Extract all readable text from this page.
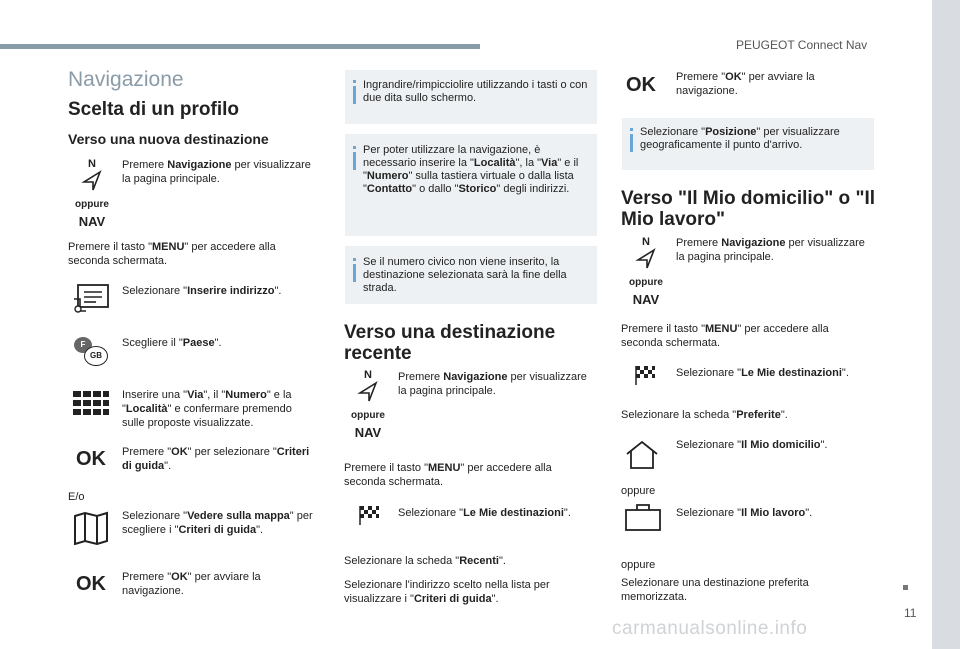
PEUGEOT Connect Nav
11
carmanualsonline.info
Navigazione
Scelta di un profilo
Verso una nuova destinazione
N
oppure
NAV
Premere Navigazione per visualizzare la pagina principale.
Premere il tasto "MENU" per accedere alla seconda schermata.
Selezionare "Inserire indirizzo".
F
GB
Scegliere il "Paese".
Inserire una "Via", il "Numero" e la "Località" e confermare premendo sulle proposte visualizzate.
OK Premere "OK" per selezionare "Criteri di guida".
E/o
Selezionare "Vedere sulla mappa" per scegliere i "Criteri di guida".
OK Premere "OK" per avviare la navigazione.
Ingrandire/rimpicciolire utilizzando i tasti o con due dita sullo schermo.
Per poter utilizzare la navigazione, è necessario inserire la "Località", la "Via" e il "Numero" sulla tastiera virtuale o dalla lista "Contatto" o dallo "Storico" degli indirizzi.
Se il numero civico non viene inserito, la destinazione selezionata sarà la fine della strada.
Verso una destinazione recente
N
oppure
NAV
Premere Navigazione per visualizzare la pagina principale.
Premere il tasto "MENU" per accedere alla seconda schermata.
Selezionare "Le Mie destinazioni".
Selezionare la scheda "Recenti".
Selezionare l'indirizzo scelto nella lista per visualizzare i "Criteri di guida".
OK Premere "OK" per avviare la navigazione.
Selezionare "Posizione" per visualizzare geograficamente il punto d'arrivo.
Verso "Il Mio domicilio" o "Il Mio lavoro"
N
oppure
NAV
Premere Navigazione per visualizzare la pagina principale.
Premere il tasto "MENU" per accedere alla seconda schermata.
Selezionare "Le Mie destinazioni".
Selezionare la scheda "Preferite".
Selezionare "Il Mio domicilio".
oppure
Selezionare "Il Mio lavoro".
oppure
Selezionare una destinazione preferita memorizzata.
